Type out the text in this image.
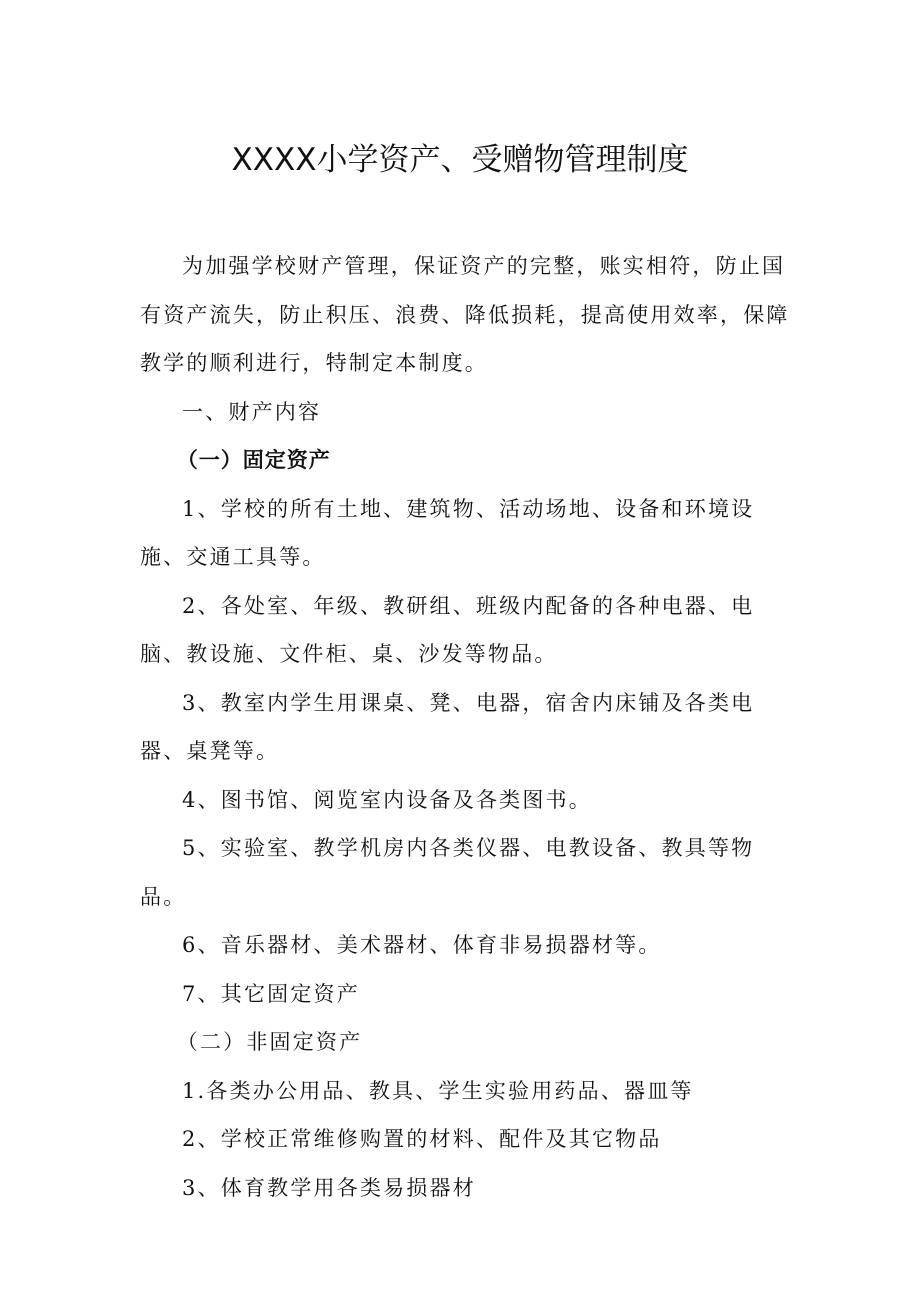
XXXX小学资产、受赠物管理制度

为加强学校财产管理，保证资产的完整，账实相符，防止国有资产流失，防止积压、浪费、降低损耗，提高使用效率，保障教学的顺利进行，特制定本制度。

一、财产内容

（一）固定资产

1、学校的所有土地、建筑物、活动场地、设备和环境设施、交通工具等。

2、各处室、年级、教研组、班级内配备的各种电器、电脑、教设施、文件柜、桌、沙发等物品。

3、教室内学生用课桌、凳、电器，宿舍内床铺及各类电器、桌凳等。

4、图书馆、阅览室内设备及各类图书。

5、实验室、教学机房内各类仪器、电教设备、教具等物品。

6、音乐器材、美术器材、体育非易损器材等。

7、其它固定资产

（二）非固定资产

1.各类办公用品、教具、学生实验用药品、器皿等

2、学校正常维修购置的材料、配件及其它物品

3、体育教学用各类易损器材
